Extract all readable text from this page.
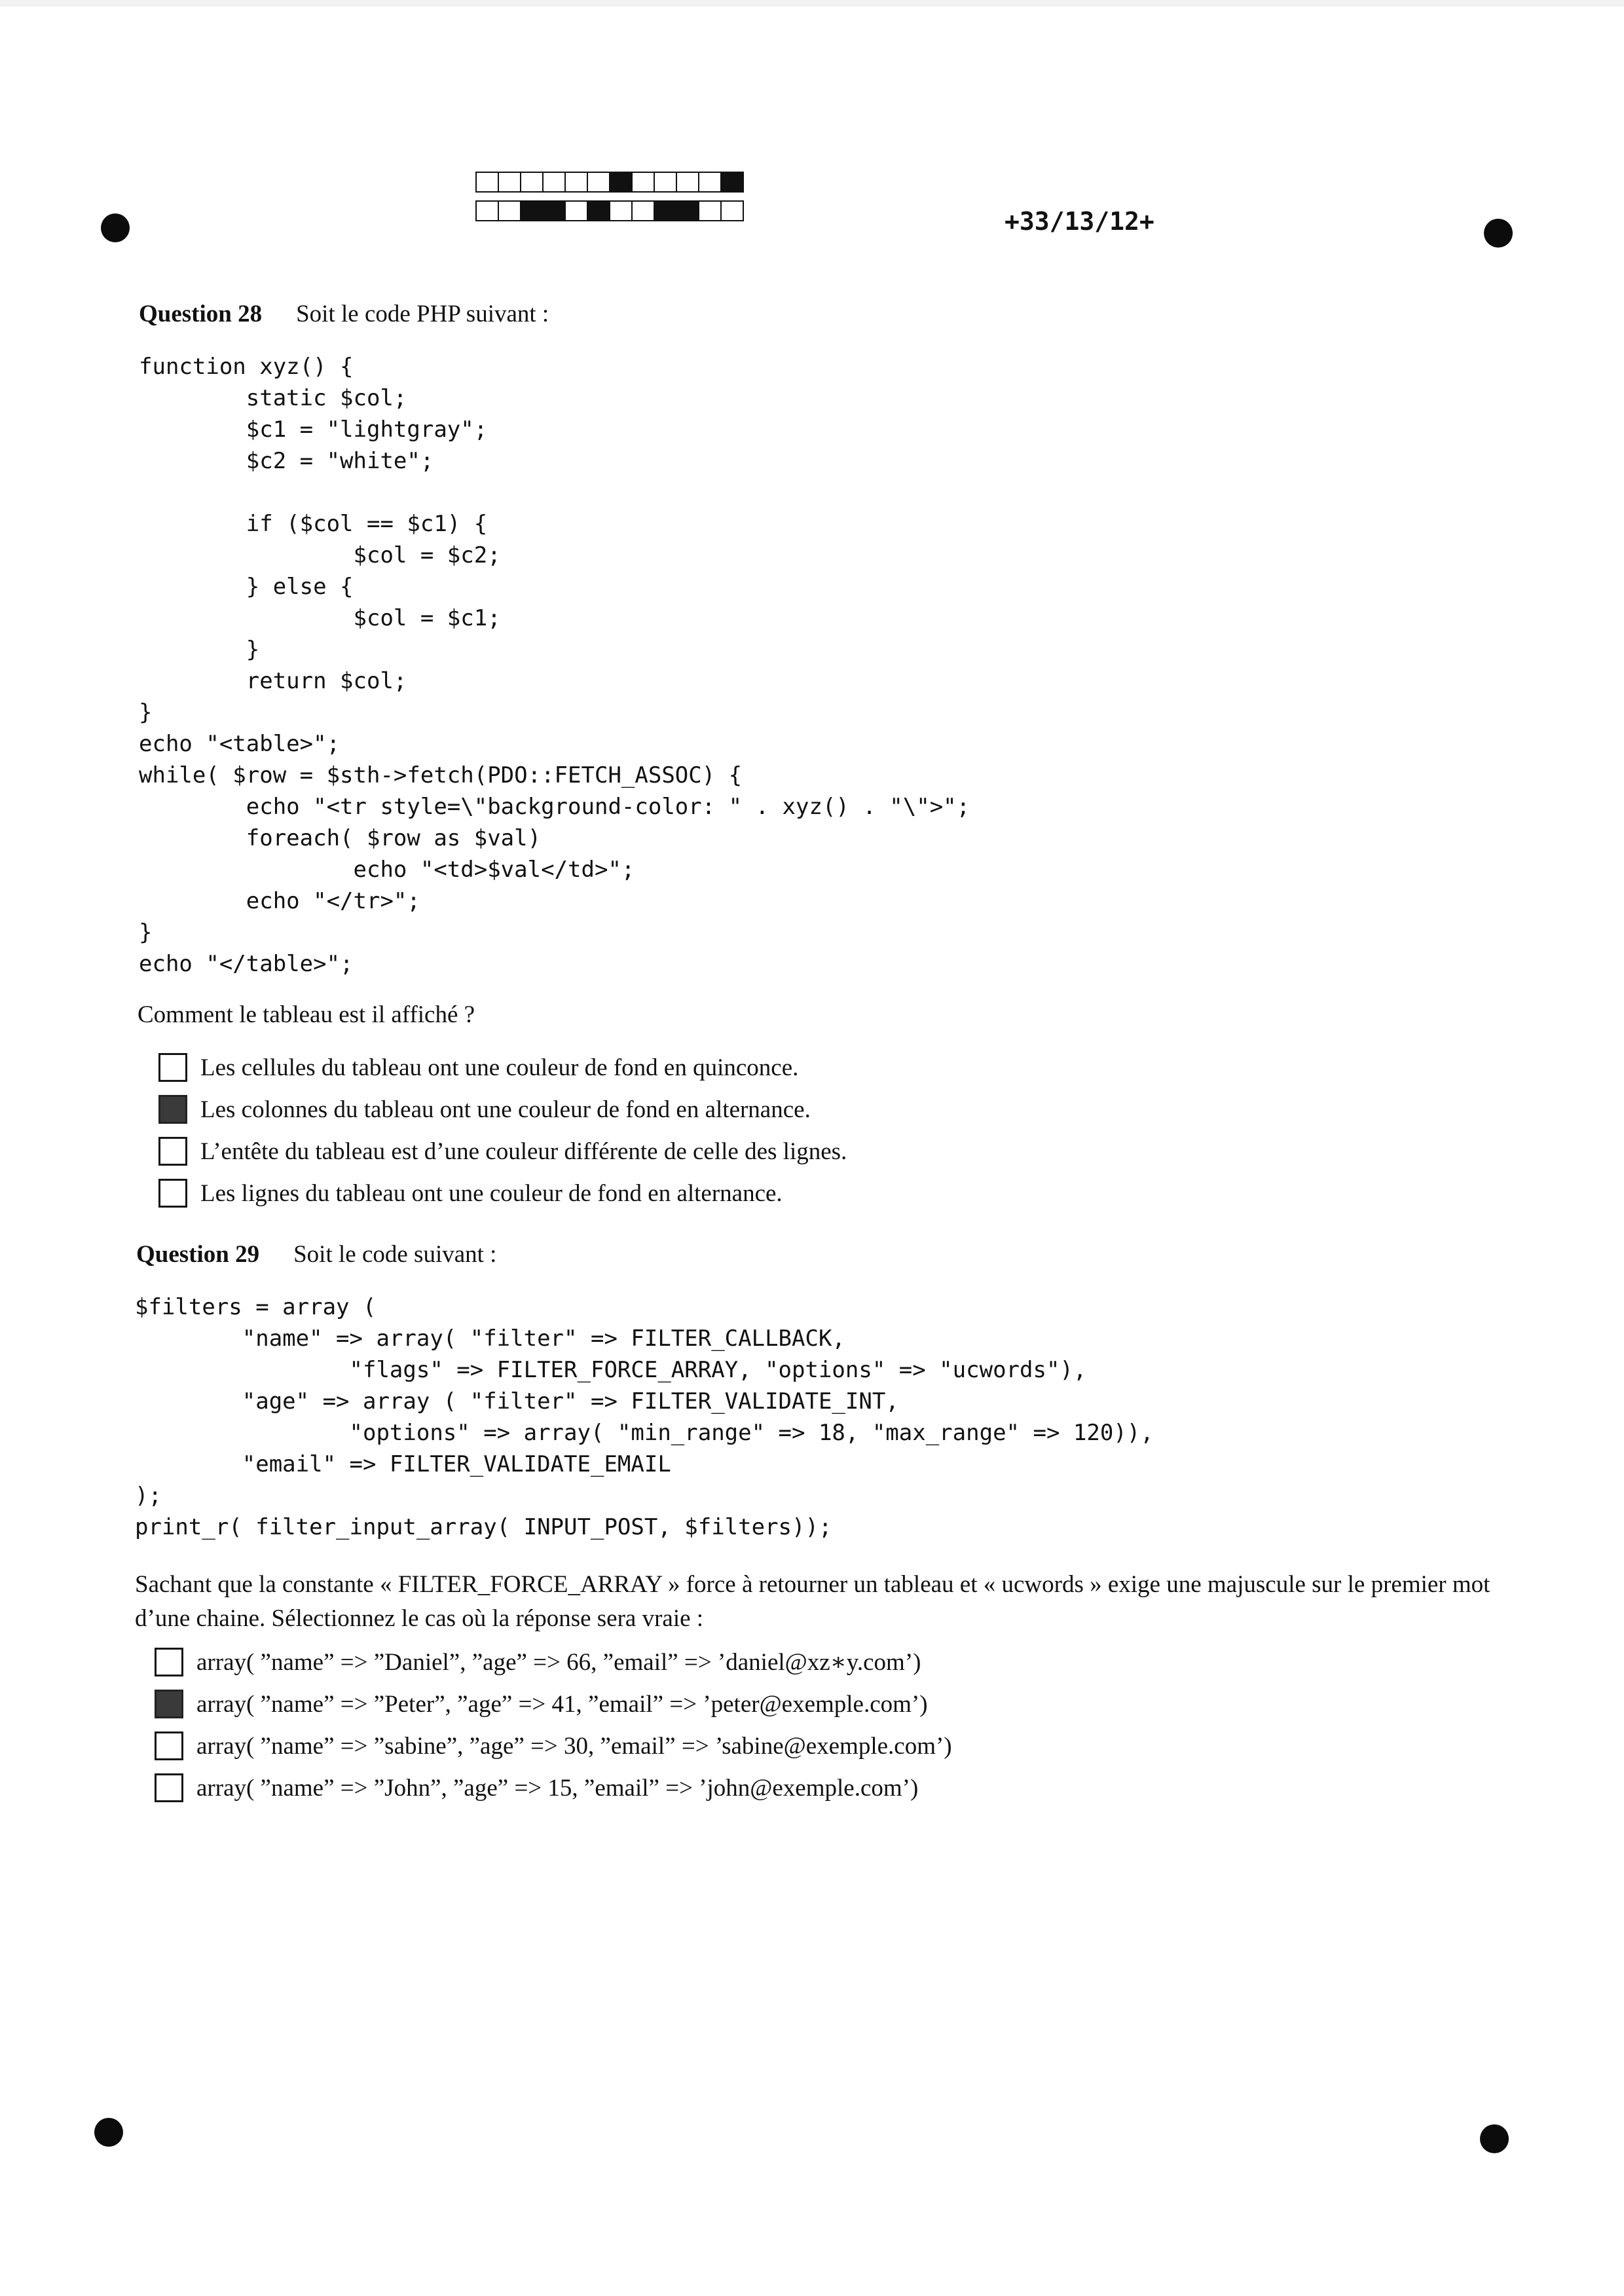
+33/13/12+
Question 28 Soit le code PHP suivant :
function xyz() {
static $col;
$c1 = "lightgray";
$c2 = "white";
if ($col == $c1) {
$col = $c2;
} else {
$col = $c1;
}
return $col;
}
echo "<table>";
while( $row = $sth->fetch(PDO::FETCH_ASSOC) {
echo "<tr style=\"background-color: " . xyz() . "\">";
foreach( $row as $val)
echo "<td>$val</td>";
echo "</tr>";
}
echo "</table>";
Comment le tableau est il affiché ?
Les cellules du tableau ont une couleur de fond en quinconce.
Les colonnes du tableau ont une couleur de fond en alternance.
L’entête du tableau est d’une couleur différente de celle des lignes.
Les lignes du tableau ont une couleur de fond en alternance.
Question 29 Soit le code suivant :
$filters = array (
"name" => array( "filter" => FILTER_CALLBACK,
"flags" => FILTER_FORCE_ARRAY, "options" => "ucwords"),
"age" => array ( "filter" => FILTER_VALIDATE_INT,
"options" => array( "min_range" => 18, "max_range" => 120)),
"email" => FILTER_VALIDATE_EMAIL
);
print_r( filter_input_array( INPUT_POST, $filters));
Sachant que la constante « FILTER_FORCE_ARRAY » force à retourner un tableau et « ucwords » exige une majuscule sur le premier mot d’une chaine. Sélectionnez le cas où la réponse sera vraie :
array( ”name” => ”Daniel”, ”age” => 66, ”email” => ’daniel@xz∗y.com’)
array( ”name” => ”Peter”, ”age” => 41, ”email” => ’peter@exemple.com’)
array( ”name” => ”sabine”, ”age” => 30, ”email” => ’sabine@exemple.com’)
array( ”name” => ”John”, ”age” => 15, ”email” => ’john@exemple.com’)
